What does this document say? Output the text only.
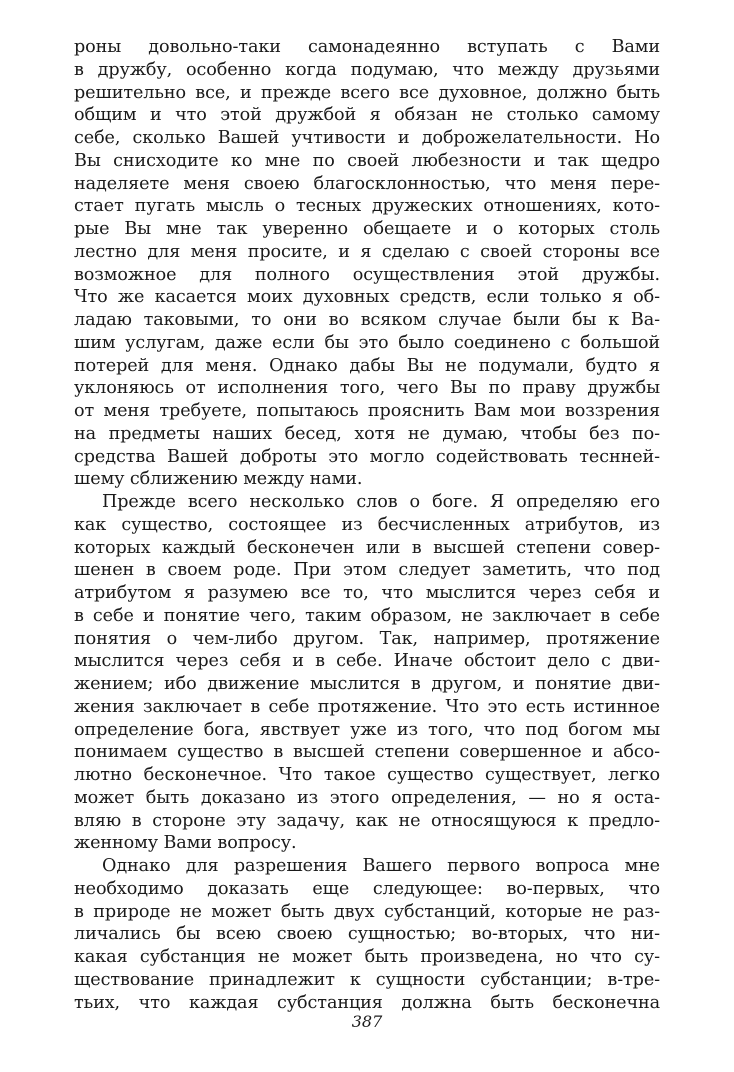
роны довольно-таки самонадеянно вступать с Вами
в дружбу, особенно когда подумаю, что между друзьями
решительно все, и прежде всего все духовное, должно быть
общим и что этой дружбой я обязан не столько самому
себе, сколько Вашей учтивости и доброжелательности. Но
Вы снисходите ко мне по своей любезности и так щедро
наделяете меня своею благосклонностью, что меня пере-
стает пугать мысль о тесных дружеских отношениях, кото-
рые Вы мне так уверенно обещаете и о которых столь
лестно для меня просите, и я сделаю с своей стороны все
возможное для полного осуществления этой дружбы.
Что же касается моих духовных средств, если только я об-
ладаю таковыми, то они во всяком случае были бы к Ва-
шим услугам, даже если бы это было соединено с большой
потерей для меня. Однако дабы Вы не подумали, будто я
уклоняюсь от исполнения того, чего Вы по праву дружбы
от меня требуете, попытаюсь прояснить Вам мои воззрения
на предметы наших бесед, хотя не думаю, чтобы без по-
средства Вашей доброты это могло содействовать теснней-
шему сближению между нами.
Прежде всего несколько слов о боге. Я определяю его
как существо, состоящее из бесчисленных атрибутов, из
которых каждый бесконечен или в высшей степени совер-
шенен в своем роде. При этом следует заметить, что под
атрибутом я разумею все то, что мыслится через себя и
в себе и понятие чего, таким образом, не заключает в себе
понятия о чем-либо другом. Так, например, протяжение
мыслится через себя и в себе. Иначе обстоит дело с дви-
жением; ибо движение мыслится в другом, и понятие дви-
жения заключает в себе протяжение. Что это есть истинное
определение бога, явствует уже из того, что под богом мы
понимаем существо в высшей степени совершенное и абсо-
лютно бесконечное. Что такое существо существует, легко
может быть доказано из этого определения, — но я оста-
вляю в стороне эту задачу, как не относящуюся к предло-
женному Вами вопросу.
Однако для разрешения Вашего первого вопроса мне
необходимо доказать еще следующее: во-первых, что
в природе не может быть двух субстанций, которые не раз-
личались бы всею своею сущностью; во-вторых, что ни-
какая субстанция не может быть произведена, но что су-
ществование принадлежит к сущности субстанции; в-тре-
тьих, что каждая субстанция должна быть бесконечна
387
